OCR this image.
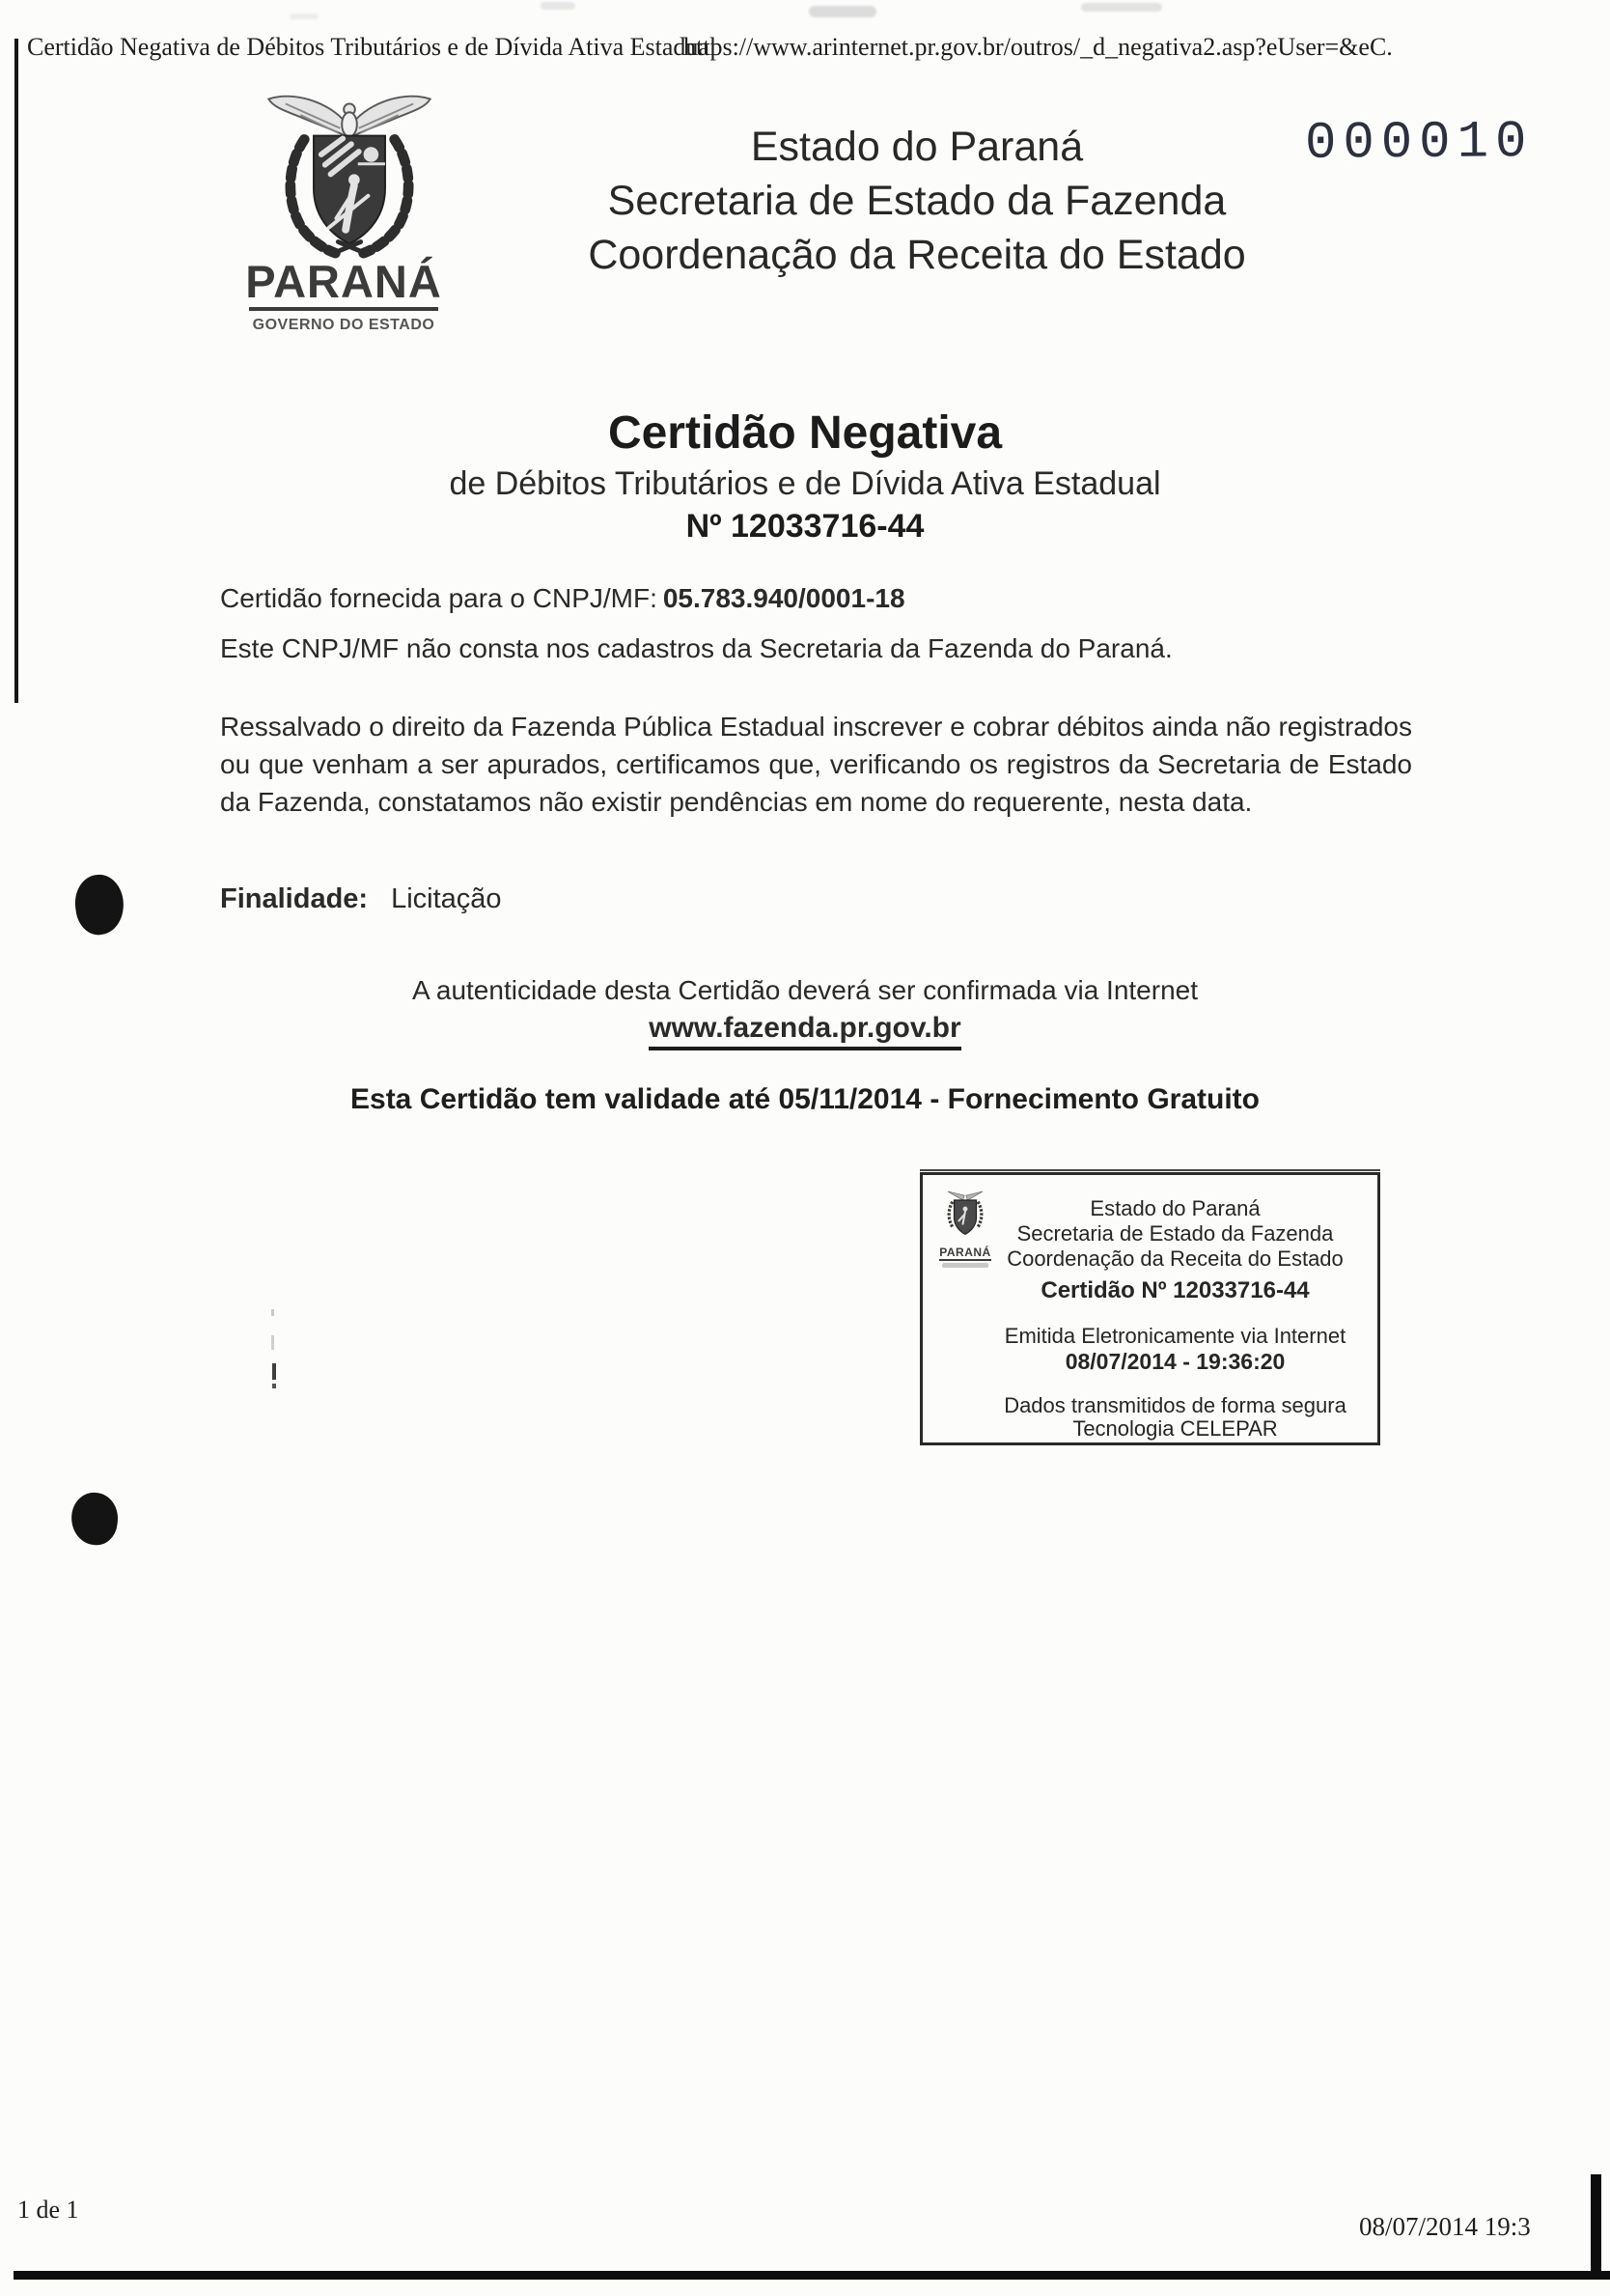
Certidão Negativa de Débitos Tributários e de Dívida Ativa Estadual
https://www.arinternet.pr.gov.br/outros/_d_negativa2.asp?eUser=&eC.
PARANÁ
GOVERNO DO ESTADO
Estado do Paraná
Secretaria de Estado da Fazenda
Coordenação da Receita do Estado
000010
Certidão Negativa
de Débitos Tributários e de Dívida Ativa Estadual
Nº 12033716-44
Certidão fornecida para o CNPJ/MF: 05.783.940/0001-18
Este CNPJ/MF não consta nos cadastros da Secretaria da Fazenda do Paraná.

Ressalvado o direito da Fazenda Pública Estadual inscrever e cobrar débitos ainda não registrados ou que venham a ser apurados, certificamos que, verificando os registros da Secretaria de Estado da Fazenda, constatamos não existir pendências em nome do requerente, nesta data.

Finalidade: Licitação
A autenticidade desta Certidão deverá ser confirmada via Internet
www.fazenda.pr.gov.br
Esta Certidão tem validade até 05/11/2014 - Fornecimento Gratuito
PARANÁ
Estado do Paraná
Secretaria de Estado da Fazenda
Coordenação da Receita do Estado
Certidão Nº 12033716-44
Emitida Eletronicamente via Internet
08/07/2014 - 19:36:20
Dados transmitidos de forma segura
Tecnologia CELEPAR
1 de 1
08/07/2014 19:3
